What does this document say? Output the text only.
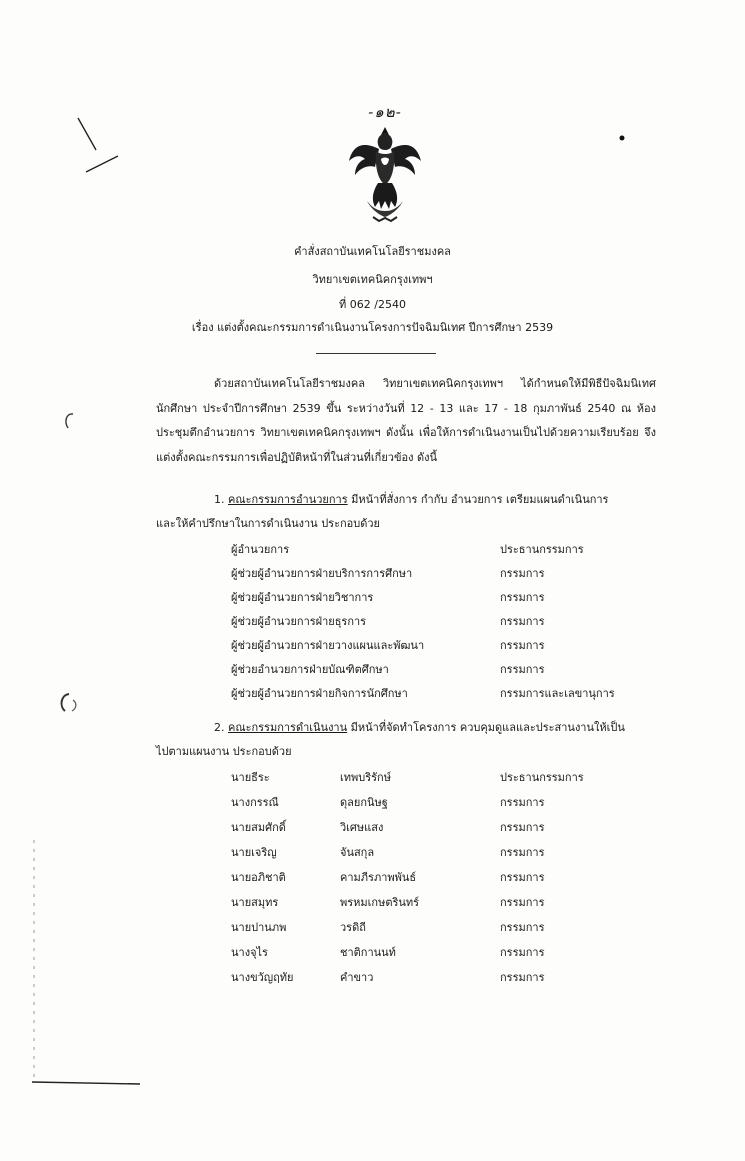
-๑๒-
คำสั่งสถาบันเทคโนโลยีราชมงคล
วิทยาเขตเทคนิคกรุงเทพฯ
ที่ 062 /2540
เรื่อง แต่งตั้งคณะกรรมการดำเนินงานโครงการปัจฉิมนิเทศ ปีการศึกษา 2539
ด้วยสถาบันเทคโนโลยีราชมงคล วิทยาเขตเทคนิคกรุงเทพฯ ได้กำหนดให้มีพิธีปัจฉิมนิเทศนักศึกษา ประจำปีการศึกษา 2539 ขึ้น ระหว่างวันที่ 12 - 13 และ 17 - 18 กุมภาพันธ์ 2540 ณ ห้องประชุมตึกอำนวยการ วิทยาเขตเทคนิคกรุงเทพฯ ดังนั้น เพื่อให้การดำเนินงานเป็นไปด้วยความเรียบร้อย จึงแต่งตั้งคณะกรรมการเพื่อปฏิบัติหน้าที่ในส่วนที่เกี่ยวข้อง ดังนี้
1. คณะกรรมการอำนวยการ มีหน้าที่สั่งการ กำกับ อำนวยการ เตรียมแผนดำเนินการ
และให้คำปรึกษาในการดำเนินงาน ประกอบด้วย
ผู้อำนวยการ	ประธานกรรมการ
ผู้ช่วยผู้อำนวยการฝ่ายบริการการศึกษา	กรรมการ
ผู้ช่วยผู้อำนวยการฝ่ายวิชาการ	กรรมการ
ผู้ช่วยผู้อำนวยการฝ่ายธุรการ	กรรมการ
ผู้ช่วยผู้อำนวยการฝ่ายวางแผนและพัฒนา	กรรมการ
ผู้ช่วยอำนวยการฝ่ายบัณฑิตศึกษา	กรรมการ
ผู้ช่วยผู้อำนวยการฝ่ายกิจการนักศึกษา	กรรมการและเลขานุการ
2. คณะกรรมการดำเนินงาน มีหน้าที่จัดทำโครงการ ควบคุมดูแลและประสานงานให้เป็น
ไปตามแผนงาน ประกอบด้วย
นายธีระ	เทพบริรักษ์	ประธานกรรมการ
นางกรรณี	ดุลยกนิษฐ	กรรมการ
นายสมศักดิ์	วิเศษแสง	กรรมการ
นายเจริญ	จันสกุล	กรรมการ
นายอภิชาติ	คามภีรภาพพันธ์	กรรมการ
นายสมุทร	พรหมเกษตรินทร์	กรรมการ
นายปานภพ	วรดิถี	กรรมการ
นางจุไร	ชาติกานนท์	กรรมการ
นางขวัญฤทัย	คำขาว	กรรมการ
